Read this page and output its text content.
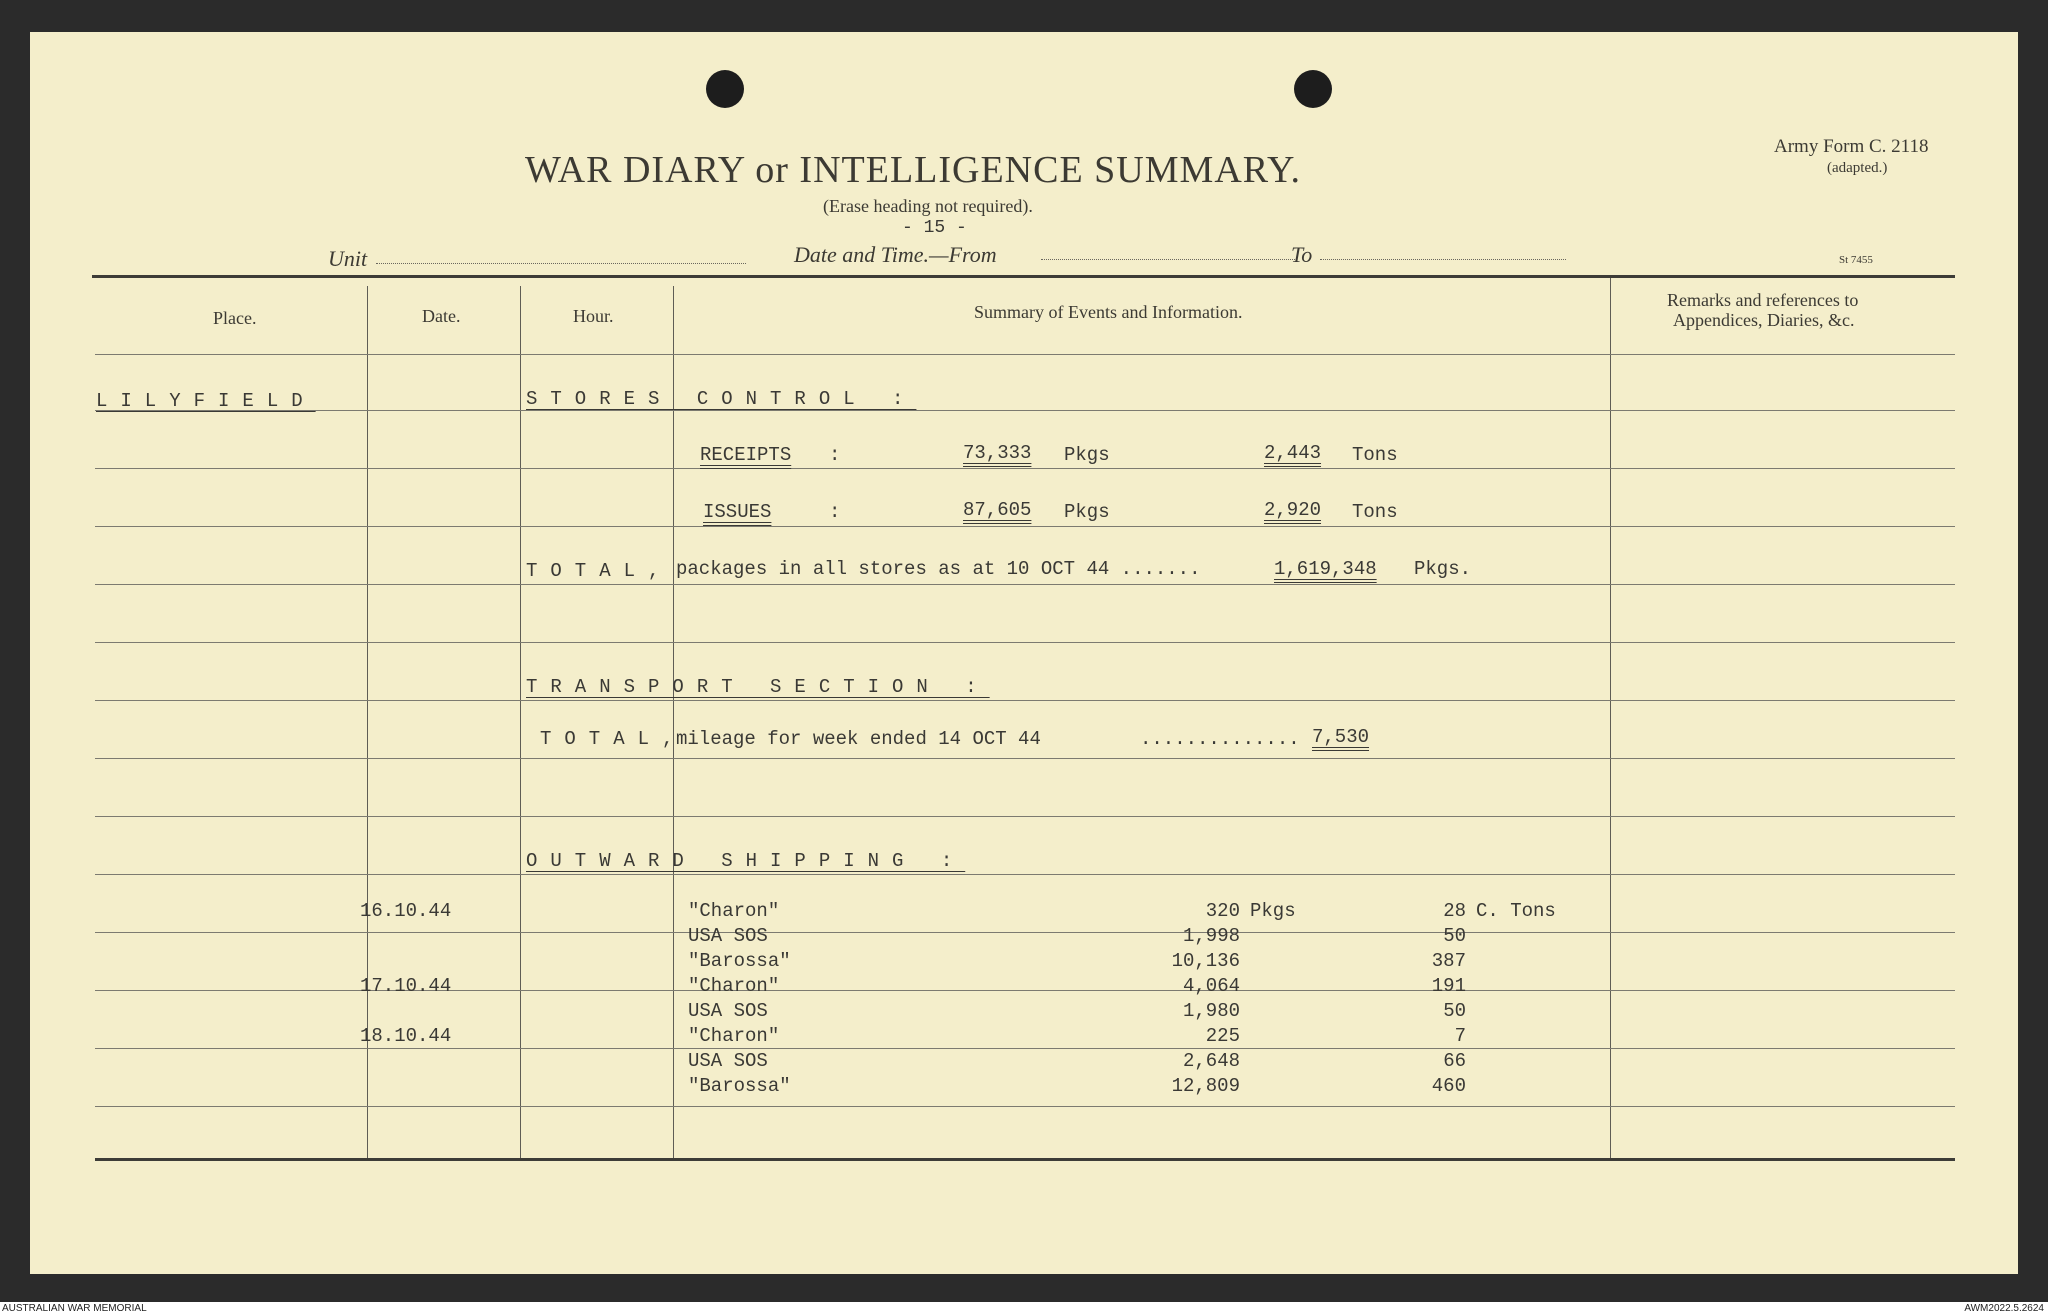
WAR DIARY or INTELLIGENCE SUMMARY.
(Erase heading not required).
- 15 -
Army Form C. 2118
(adapted.)
St 7455
Unit	Date and Time.—From	To
Place.	Date.	Hour.	Summary of Events and Information.
Remarks and references to
Appendices, Diaries, &c.
LILYFIELD	STORES CONTROL :
RECEIPTS :	73,333 Pkgs	2,443 Tons
ISSUES	:	87,605 Pkgs	2,920 Tons
TOTAL, packages in all stores as at 10 OCT 44 .......	1,619,348 Pkgs.
TRANSPORT SECTION :
TOTAL,
mileage for week ended 14 OCT 44	.............. 7,530
OUTWARD SHIPPING :
16.10.44	"Charon"	320 Pkgs	28 C. Tons
USA SOS	1,998	50
"Barossa"	10,136	387
17.10.44	"Charon"	4,064	191
USA SOS	1,980	50
18.10.44	"Charon"	225	7
USA SOS	2,648	66
"Barossa"	12,809	460
AUSTRALIAN WAR MEMORIAL	AWM2022.5.2624
